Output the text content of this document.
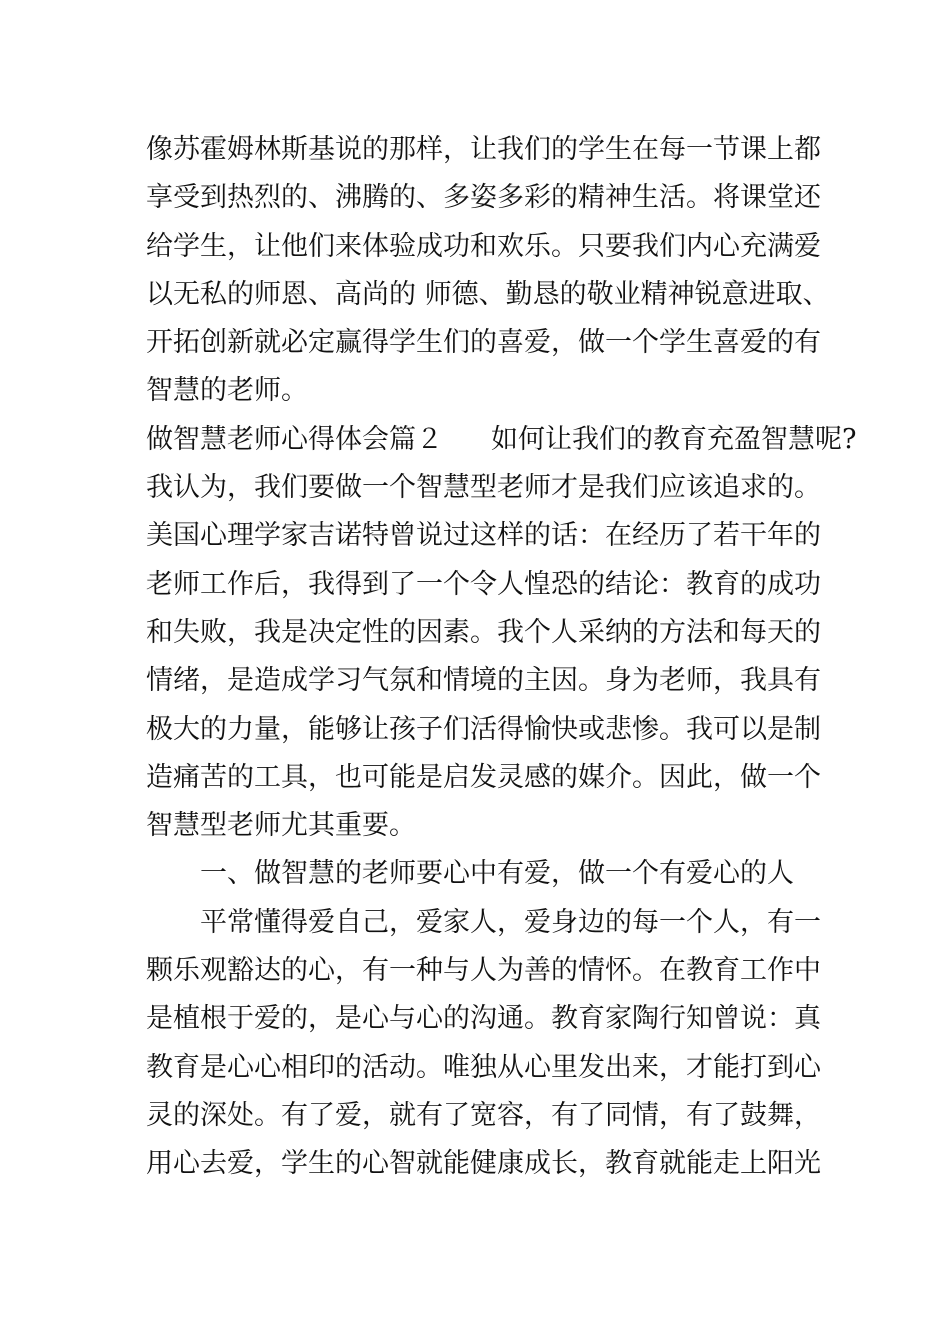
像苏霍姆林斯基说的那样，让我们的学生在每一节课上都
享受到热烈的、沸腾的、多姿多彩的精神生活。将课堂还
给学生，让他们来体验成功和欢乐。只要我们内心充满爱
以无私的师恩、高尚的 师德、勤恳的敬业精神锐意进取、
开拓创新就必定赢得学生们的喜爱，做一个学生喜爱的有
智慧的老师。
做智慧老师心得体会篇２ 如何让我们的教育充盈智慧呢?
我认为，我们要做一个智慧型老师才是我们应该追求的。
美国心理学家吉诺特曾说过这样的话：在经历了若干年的
老师工作后，我得到了一个令人惶恐的结论：教育的成功
和失败，我是决定性的因素。我个人采纳的方法和每天的
情绪，是造成学习气氛和情境的主因。身为老师，我具有
极大的力量，能够让孩子们活得愉快或悲惨。我可以是制
造痛苦的工具，也可能是启发灵感的媒介。因此，做一个
智慧型老师尤其重要。
一、做智慧的老师要心中有爱，做一个有爱心的人
平常懂得爱自己，爱家人，爱身边的每一个人，有一
颗乐观豁达的心，有一种与人为善的情怀。在教育工作中
是植根于爱的，是心与心的沟通。教育家陶行知曾说：真
教育是心心相印的活动。唯独从心里发出来，才能打到心
灵的深处。有了爱，就有了宽容，有了同情，有了鼓舞，
用心去爱，学生的心智就能健康成长，教育就能走上阳光
